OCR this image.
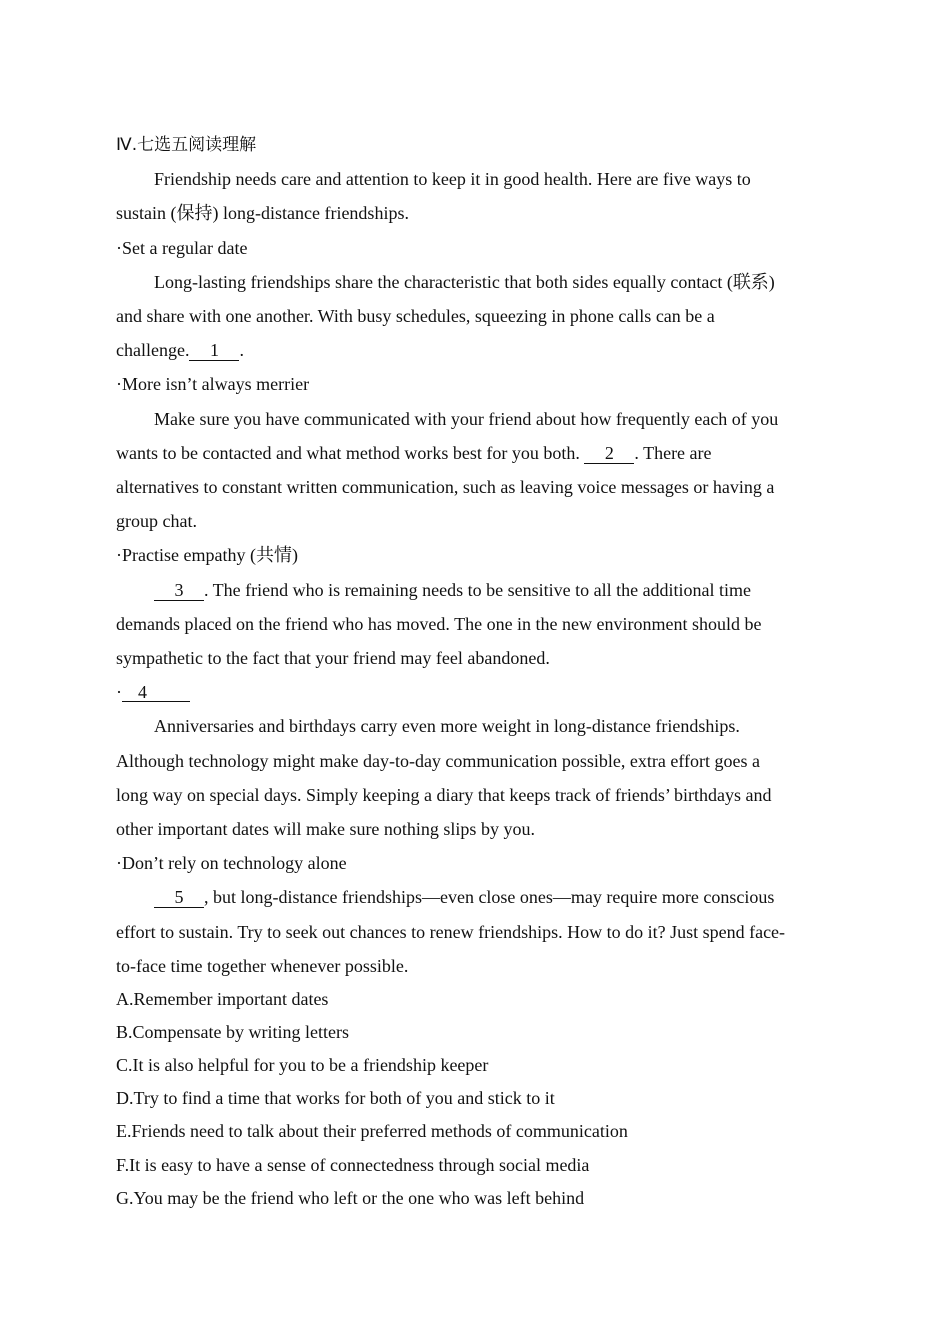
Ⅳ.七选五阅读理解
Friendship needs care and attention to keep it in good health. Here are five ways to
sustain (保持) long-distance friendships.
·Set a regular date
Long-lasting friendships share the characteristic that both sides equally contact (联系)
and share with one another. With busy schedules, squeezing in phone calls can be a
challenge. 1 .
·More isn’t always merrier
Make sure you have communicated with your friend about how frequently each of you
wants to be contacted and what method works best for you both. 2 . There are
alternatives to constant written communication, such as leaving voice messages or having a
group chat.
·Practise empathy (共情)
3 . The friend who is remaining needs to be sensitive to all the additional time
demands placed on the friend who has moved. The one in the new environment should be
sympathetic to the fact that your friend may feel abandoned.
· 4
Anniversaries and birthdays carry even more weight in long-distance friendships.
Although technology might make day-to-day communication possible, extra effort goes a
long way on special days. Simply keeping a diary that keeps track of friends’ birthdays and
other important dates will make sure nothing slips by you.
·Don’t rely on technology alone
5 , but long-distance friendships—even close ones—may require more conscious
effort to sustain. Try to seek out chances to renew friendships. How to do it? Just spend face-
to-face time together whenever possible.
A.Remember important dates
B.Compensate by writing letters
C.It is also helpful for you to be a friendship keeper
D.Try to find a time that works for both of you and stick to it
E.Friends need to talk about their preferred methods of communication
F.It is easy to have a sense of connectedness through social media
G.You may be the friend who left or the one who was left behind
